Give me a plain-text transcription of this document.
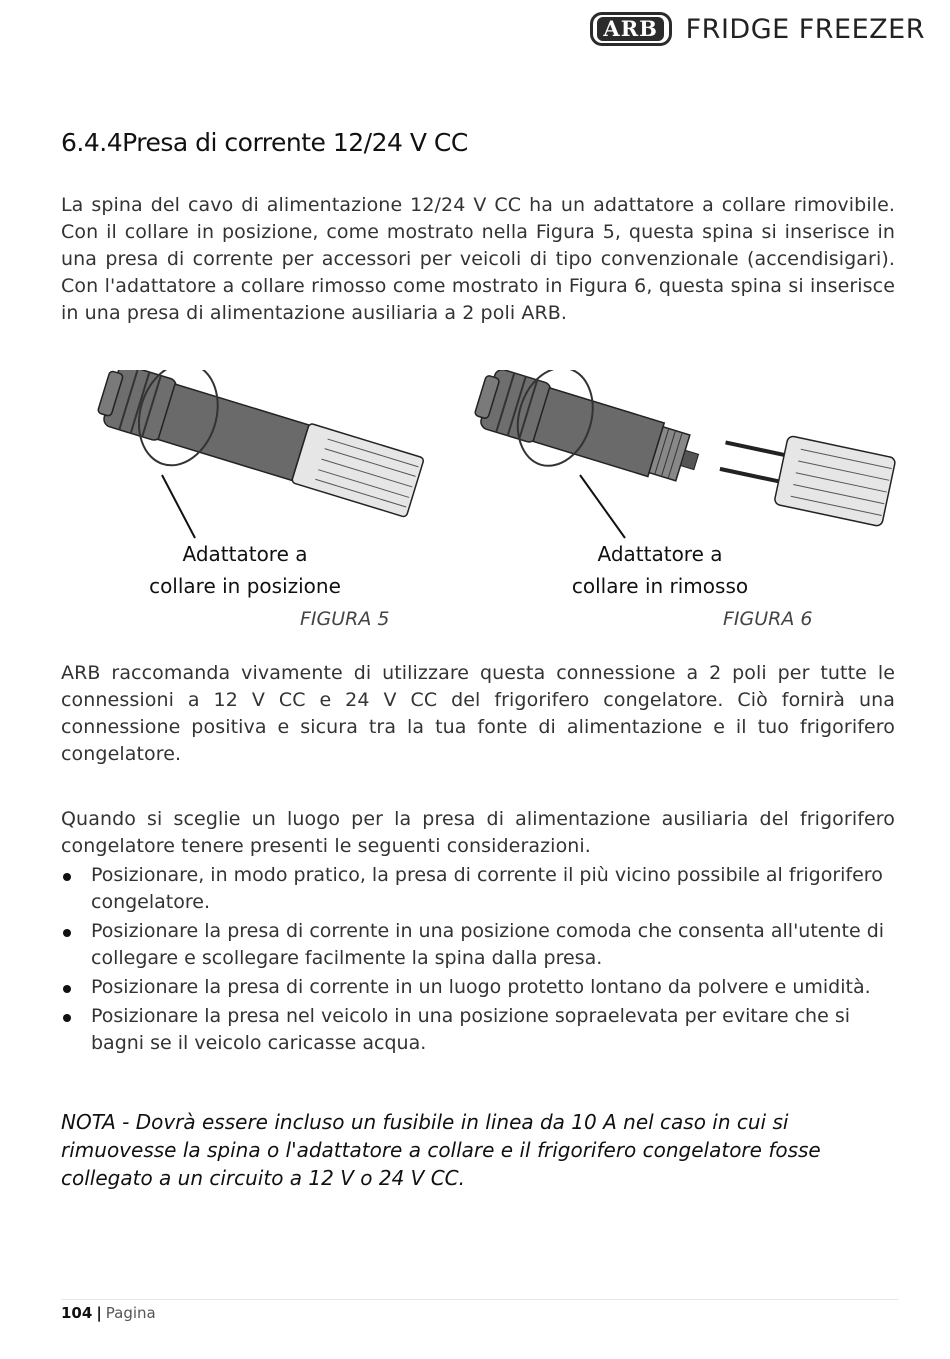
ARB FRIDGE FREEZER
6.4.4Presa di corrente 12/24 V CC

La spina del cavo di alimentazione 12/24 V CC ha un adattatore a collare rimovibile. Con il collare in posizione, come mostrato nella Figura 5, questa spina si inserisce in una presa di corrente per accessori per veicoli di tipo convenzionale (accendisigari). Con l'adattatore a collare rimosso come mostrato in Figura 6, questa spina si inserisce in una presa di alimentazione ausiliaria a 2 poli ARB.

Adattatore a
collare in posizione
FIGURA 5
Adattatore a
collare in rimosso
FIGURA 6

ARB raccomanda vivamente di utilizzare questa connessione a 2 poli per tutte le connessioni a 12 V CC e 24 V CC del frigorifero congelatore. Ciò fornirà una connessione positiva e sicura tra la tua fonte di alimentazione e il tuo frigorifero congelatore.

Quando si sceglie un luogo per la presa di alimentazione ausiliaria del frigorifero congelatore tenere presenti le seguenti considerazioni.

Posizionare, in modo pratico, la presa di corrente il più vicino possibile al frigorifero congelatore.
Posizionare la presa di corrente in una posizione comoda che consenta all'utente di collegare e scollegare facilmente la spina dalla presa.
Posizionare la presa di corrente in un luogo protetto lontano da polvere e umidità.
Posizionare la presa nel veicolo in una posizione sopraelevata per evitare che si bagni se il veicolo caricasse acqua.
NOTA - Dovrà essere incluso un fusibile in linea da 10 A nel caso in cui si rimuovesse la spina o l'adattatore a collare e il frigorifero congelatore fosse collegato a un circuito a 12 V o 24 V CC.
104 | Pagina
